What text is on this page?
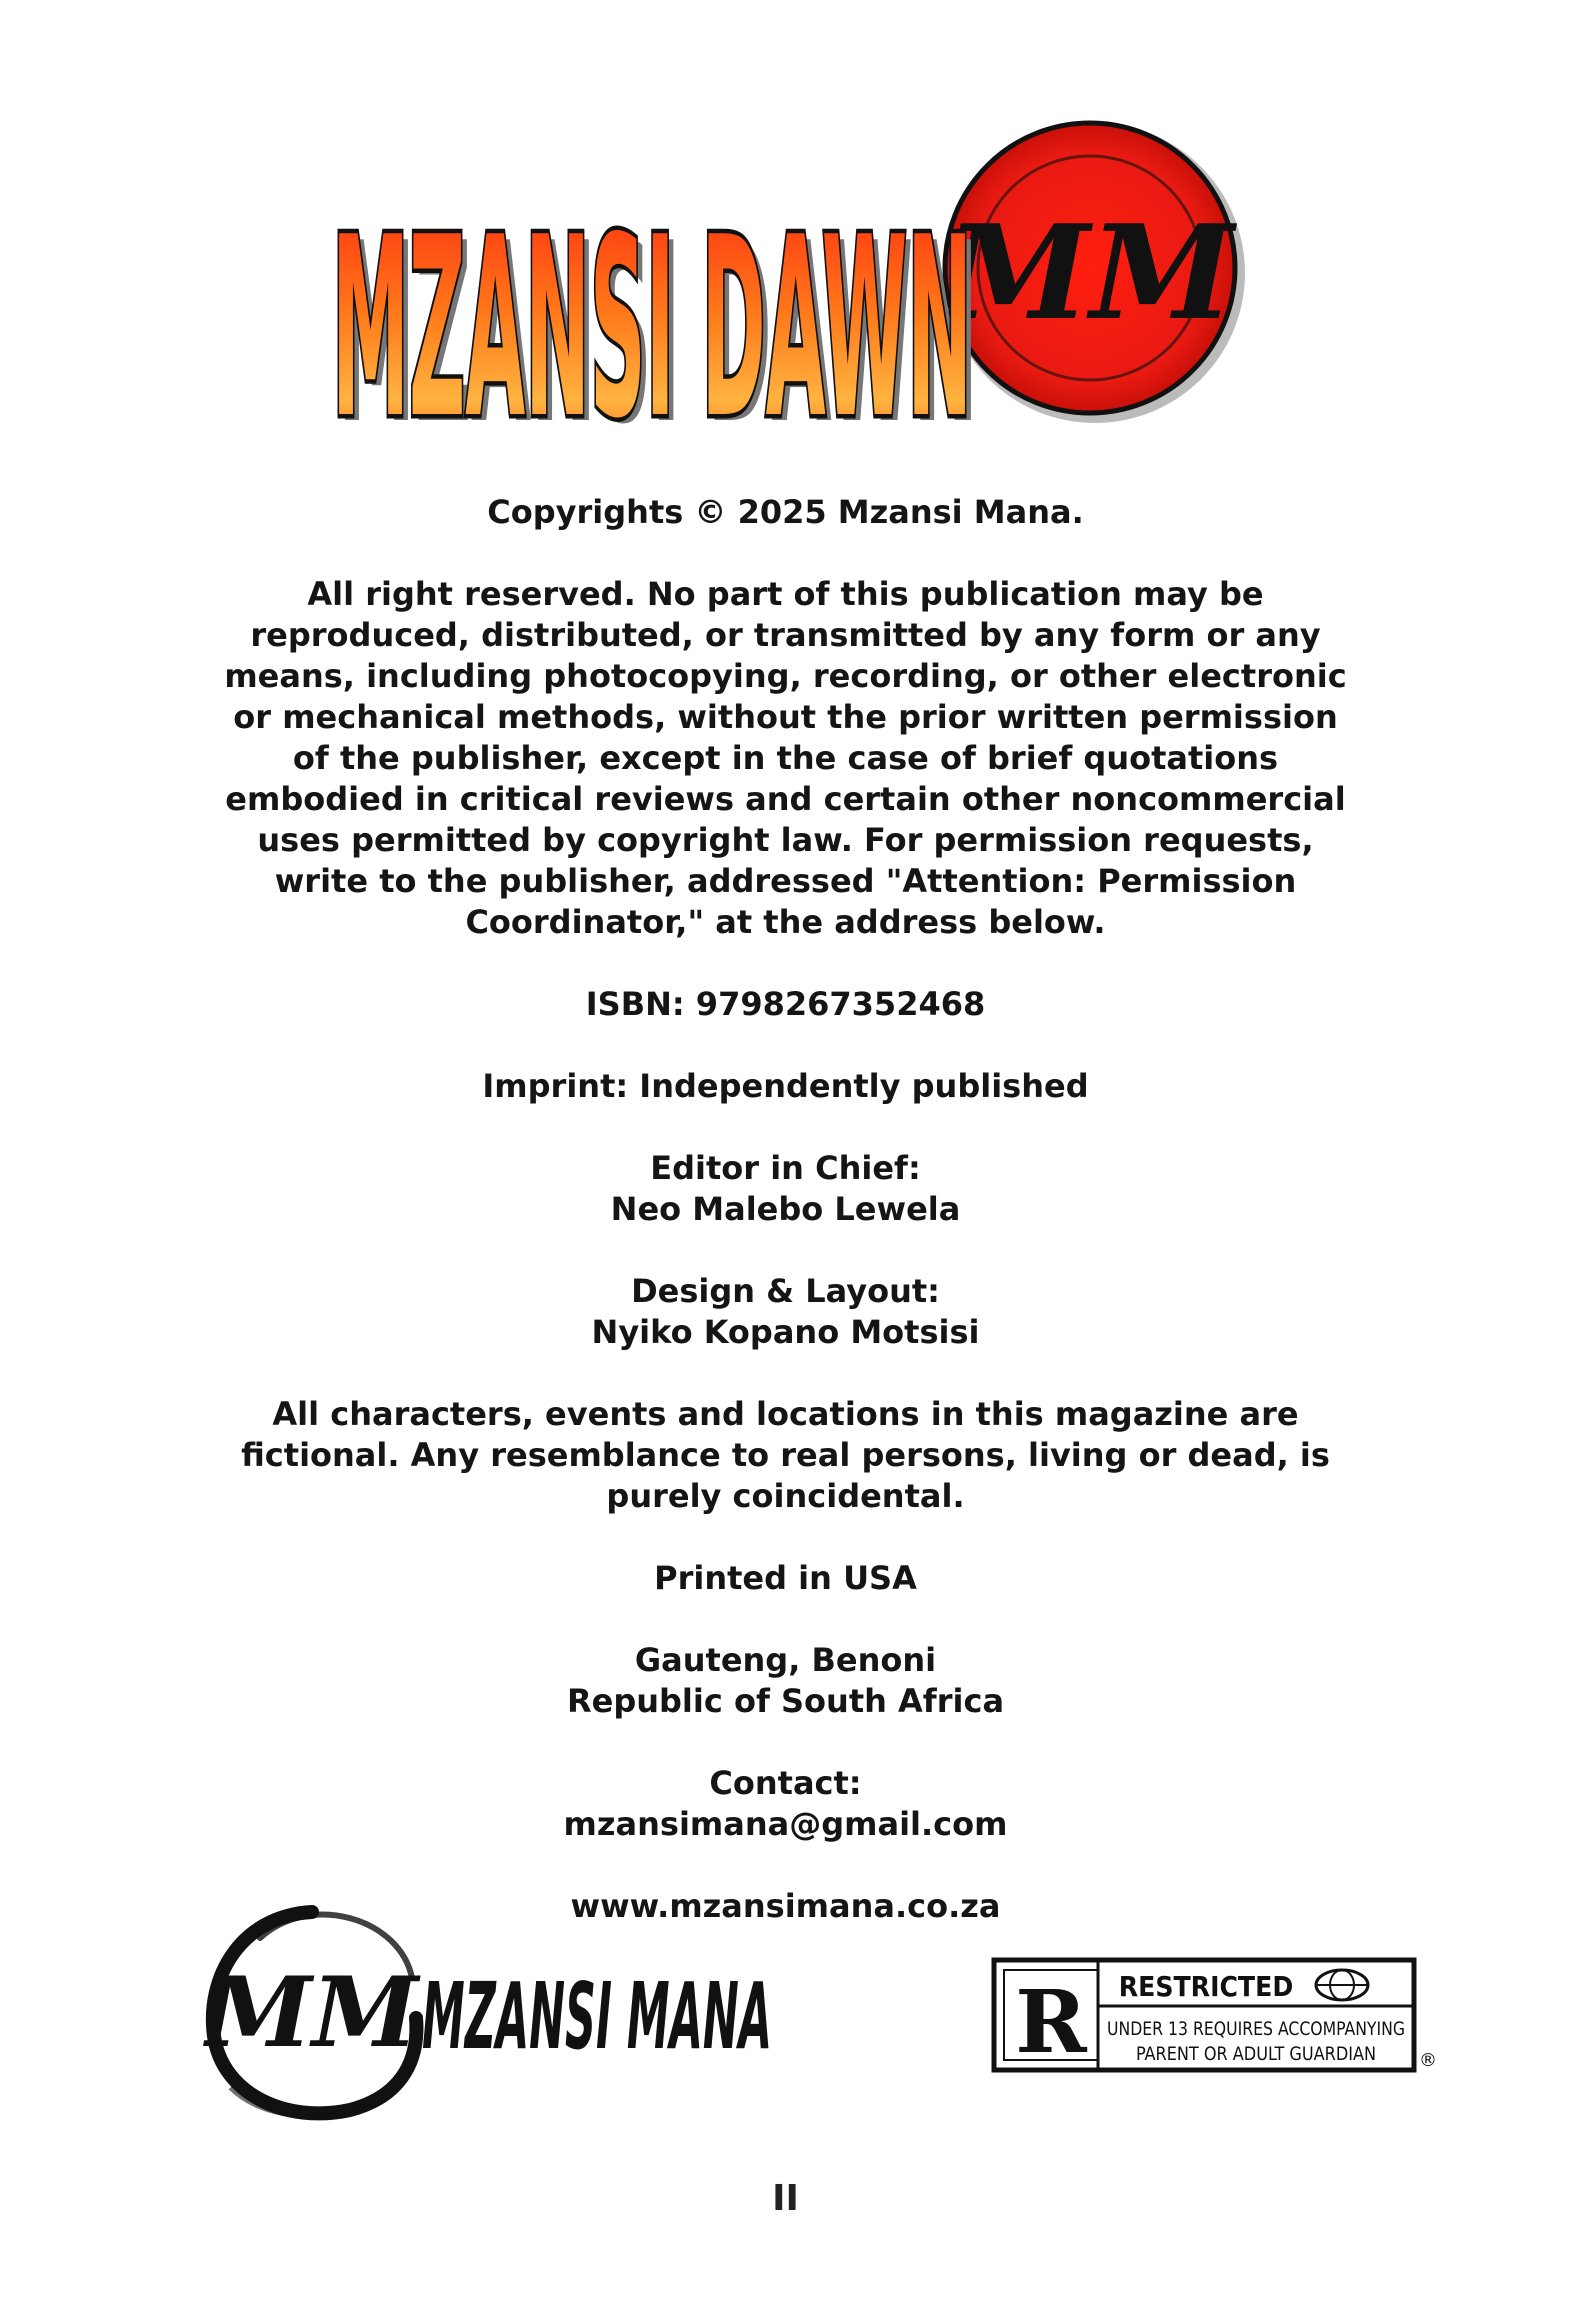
MM
MZANSI DAWN
MZANSI DAWN

Copyrights © 2025 Mzansi Mana.

All right reserved. No part of this publication may be reproduced, distributed, or transmitted by any form or any means, including photocopying, recording, or other electronic or mechanical methods, without the prior written permission of the publisher, except in the case of brief quotations embodied in critical reviews and certain other noncommercial uses permitted by copyright law. For permission requests, write to the publisher, addressed "Attention: Permission Coordinator," at the address below.

ISBN: 9798267352468

Imprint: Independently published

Editor in Chief:
Neo Malebo Lewela

Design & Layout:
Nyiko Kopano Motsisi

All characters, events and locations in this magazine are fictional. Any resemblance to real persons, living or dead, is purely coincidental.

Printed in USA

Gauteng, Benoni
Republic of South Africa

Contact:
mzansimana@gmail.com

www.mzansimana.co.za

MM MZANSI MANA	R RESTRICTED
UNDER 13 REQUIRES ACCOMPANYING
PARENT OR ADULT GUARDIAN ®
II
